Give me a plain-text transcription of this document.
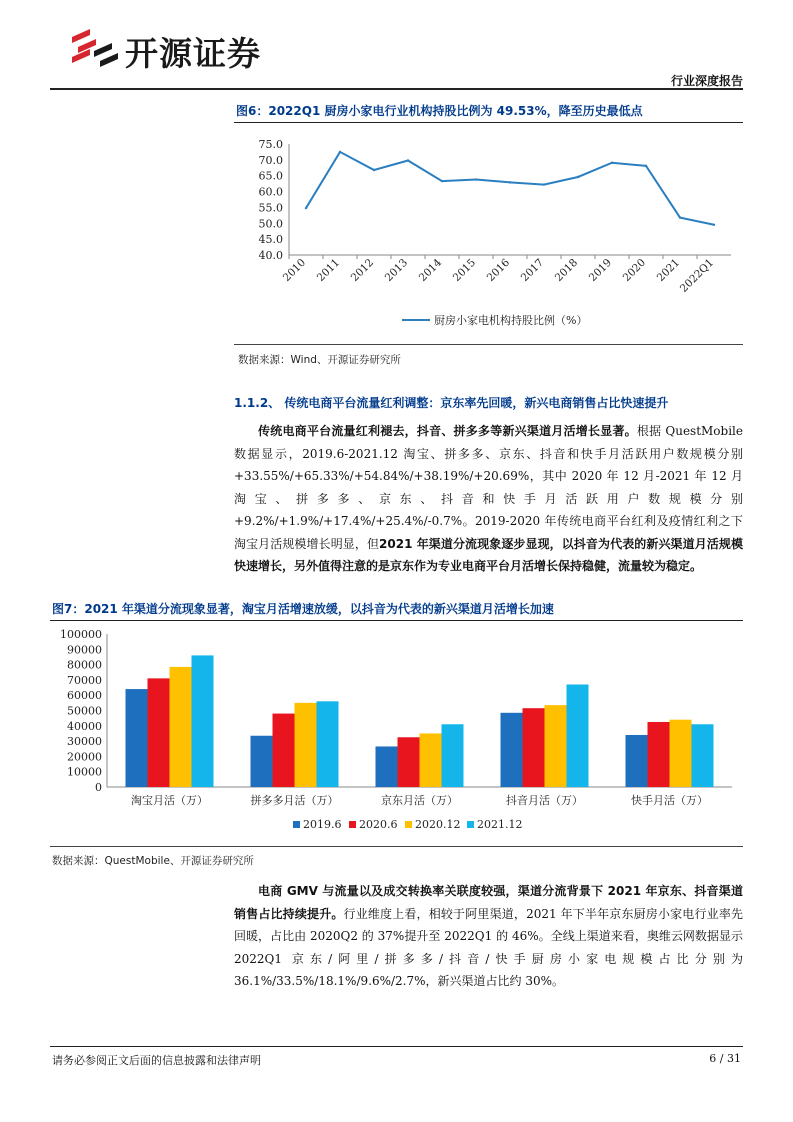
开源证券
行业深度报告
图6：2022Q1 厨房小家电行业机构持股比例为 49.53%，降至历史最低点
40.0
45.0
50.0
55.0
60.0
65.0
70.0
75.0
2010 2011 2012 2013 2014 2015 2016 2017 2018 2019 2020 2021
2022Q1
厨房小家电机构持股比例（%）
数据来源：Wind、开源证券研究所
1.1.2、 传统电商平台流量红利调整：京东率先回暖，新兴电商销售占比快速提升
传统电商平台流量红利褪去，抖音、拼多多等新兴渠道月活增长显著。根据 QuestMobile 数据显示，2019.6-2021.12 淘宝、拼多多、京东、抖音和快手月活跃用户数规模分别+33.55%/+65.33%/+54.84%/+38.19%/+20.69%，其中 2020 年 12 月-2021 年 12 月淘宝、拼多多、京东、抖音和快手月活跃用户数规模分别+9.2%/+1.9%/+17.4%/+25.4%/-0.7%。2019-2020 年传统电商平台红利及疫情红利之下淘宝月活规模增长明显，但2021 年渠道分流现象逐步显现，以抖音为代表的新兴渠道月活规模快速增长，另外值得注意的是京东作为专业电商平台月活增长保持稳健，流量较为稳定。
图7：2021 年渠道分流现象显著，淘宝月活增速放缓，以抖音为代表的新兴渠道月活增长加速
0
10000
20000
30000
40000
50000
60000
70000
80000
90000
100000
淘宝月活（万）	拼多多月活（万）	京东月活（万）	抖音月活（万）	快手月活（万）
2019.6 2020.6 2020.12 2021.12
数据来源：QuestMobile、开源证券研究所
电商 GMV 与流量以及成交转换率关联度较强，渠道分流背景下 2021 年京东、抖音渠道销售占比持续提升。行业维度上看，相较于阿里渠道，2021 年下半年京东厨房小家电行业率先回暖，占比由 2020Q2 的 37%提升至 2022Q1 的 46%。全线上渠道来看，奥维云网数据显示 2022Q1 京东/阿里/拼多多/抖音/快手厨房小家电规模占比分别为 36.1%/33.5%/18.1%/9.6%/2.7%，新兴渠道占比约 30%。
请务必参阅正文后面的信息披露和法律声明	6 / 31
